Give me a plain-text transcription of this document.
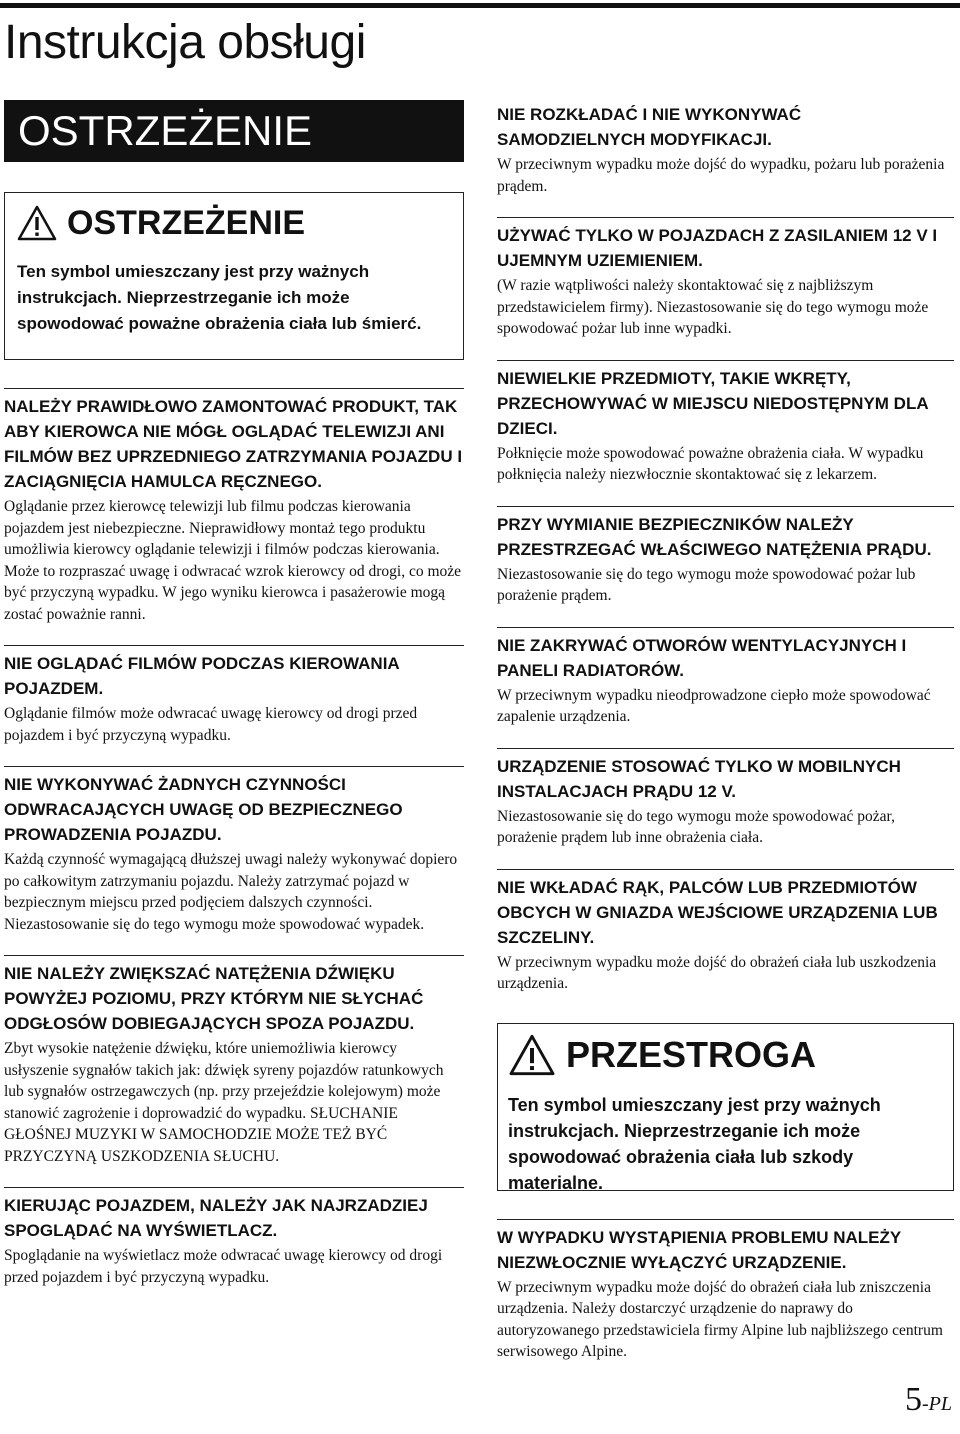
Instrukcja obsługi
OSTRZEŻENIE
OSTRZEŻENIE
Ten symbol umieszczany jest przy ważnych instrukcjach. Nieprzestrzeganie ich może spowodować poważne obrażenia ciała lub śmierć.
NALEŻY PRAWIDŁOWO ZAMONTOWAĆ PRODUKT, TAK ABY KIEROWCA NIE MÓGŁ OGLĄDAĆ TELEWIZJI ANI FILMÓW BEZ UPRZEDNIEGO ZATRZYMANIA POJAZDU I ZACIĄGNIĘCIA HAMULCA RĘCZNEGO.
Oglądanie przez kierowcę telewizji lub filmu podczas kierowania pojazdem jest niebezpieczne. Nieprawidłowy montaż tego produktu umożliwia kierowcy oglądanie telewizji i filmów podczas kierowania. Może to rozpraszać uwagę i odwracać wzrok kierowcy od drogi, co może być przyczyną wypadku. W jego wyniku kierowca i pasażerowie mogą zostać poważnie ranni.
NIE OGLĄDAĆ FILMÓW PODCZAS KIEROWANIA POJAZDEM.
Oglądanie filmów może odwracać uwagę kierowcy od drogi przed pojazdem i być przyczyną wypadku.
NIE WYKONYWAĆ ŻADNYCH CZYNNOŚCI ODWRACAJĄCYCH UWAGĘ OD BEZPIECZNEGO PROWADZENIA POJAZDU.
Każdą czynność wymagającą dłuższej uwagi należy wykonywać dopiero po całkowitym zatrzymaniu pojazdu. Należy zatrzymać pojazd w bezpiecznym miejscu przed podjęciem dalszych czynności. Niezastosowanie się do tego wymogu może spowodować wypadek.
NIE NALEŻY ZWIĘKSZAĆ NATĘŻENIA DŹWIĘKU POWYŻEJ POZIOMU, PRZY KTÓRYM NIE SŁYCHAĆ ODGŁOSÓW DOBIEGAJĄCYCH SPOZA POJAZDU.
Zbyt wysokie natężenie dźwięku, które uniemożliwia kierowcy usłyszenie sygnałów takich jak: dźwięk syreny pojazdów ratunkowych lub sygnałów ostrzegawczych (np. przy przejeździe kolejowym) może stanowić zagrożenie i doprowadzić do wypadku. SŁUCHANIE GŁOŚNEJ MUZYKI W SAMOCHODZIE MOŻE TEŻ BYĆ PRZYCZYNĄ USZKODZENIA SŁUCHU.
KIERUJĄC POJAZDEM, NALEŻY JAK NAJRZADZIEJ SPOGLĄDAĆ NA WYŚWIETLACZ.
Spoglądanie na wyświetlacz może odwracać uwagę kierowcy od drogi przed pojazdem i być przyczyną wypadku.
NIE ROZKŁADAĆ I NIE WYKONYWAĆ SAMODZIELNYCH MODYFIKACJI.
W przeciwnym wypadku może dojść do wypadku, pożaru lub porażenia prądem.
UŻYWAĆ TYLKO W POJAZDACH Z ZASILANIEM 12 V I UJEMNYM UZIEMIENIEM.
(W razie wątpliwości należy skontaktować się z najbliższym przedstawicielem firmy). Niezastosowanie się do tego wymogu może spowodować pożar lub inne wypadki.
NIEWIELKIE PRZEDMIOTY, TAKIE WKRĘTY, PRZECHOWYWAĆ W MIEJSCU NIEDOSTĘPNYM DLA DZIECI.
Połknięcie może spowodować poważne obrażenia ciała. W wypadku połknięcia należy niezwłocznie skontaktować się z lekarzem.
PRZY WYMIANIE BEZPIECZNIKÓW NALEŻY PRZESTRZEGAĆ WŁAŚCIWEGO NATĘŻENIA PRĄDU.
Niezastosowanie się do tego wymogu może spowodować pożar lub porażenie prądem.
NIE ZAKRYWAĆ OTWORÓW WENTYLACYJNYCH I PANELI RADIATORÓW.
W przeciwnym wypadku nieodprowadzone ciepło może spowodować zapalenie urządzenia.
URZĄDZENIE STOSOWAĆ TYLKO W MOBILNYCH INSTALACJACH PRĄDU 12 V.
Niezastosowanie się do tego wymogu może spowodować pożar, porażenie prądem lub inne obrażenia ciała.
NIE WKŁADAĆ RĄK, PALCÓW LUB PRZEDMIOTÓW OBCYCH W GNIAZDA WEJŚCIOWE URZĄDZENIA LUB SZCZELINY.
W przeciwnym wypadku może dojść do obrażeń ciała lub uszkodzenia urządzenia.
PRZESTROGA
Ten symbol umieszczany jest przy ważnych instrukcjach. Nieprzestrzeganie ich może spowodować obrażenia ciała lub szkody materialne.
W WYPADKU WYSTĄPIENIA PROBLEMU NALEŻY NIEZWŁOCZNIE WYŁĄCZYĆ URZĄDZENIE.
W przeciwnym wypadku może dojść do obrażeń ciała lub zniszczenia urządzenia. Należy dostarczyć urządzenie do naprawy do autoryzowanego przedstawiciela firmy Alpine lub najbliższego centrum serwisowego Alpine.
5-PL
